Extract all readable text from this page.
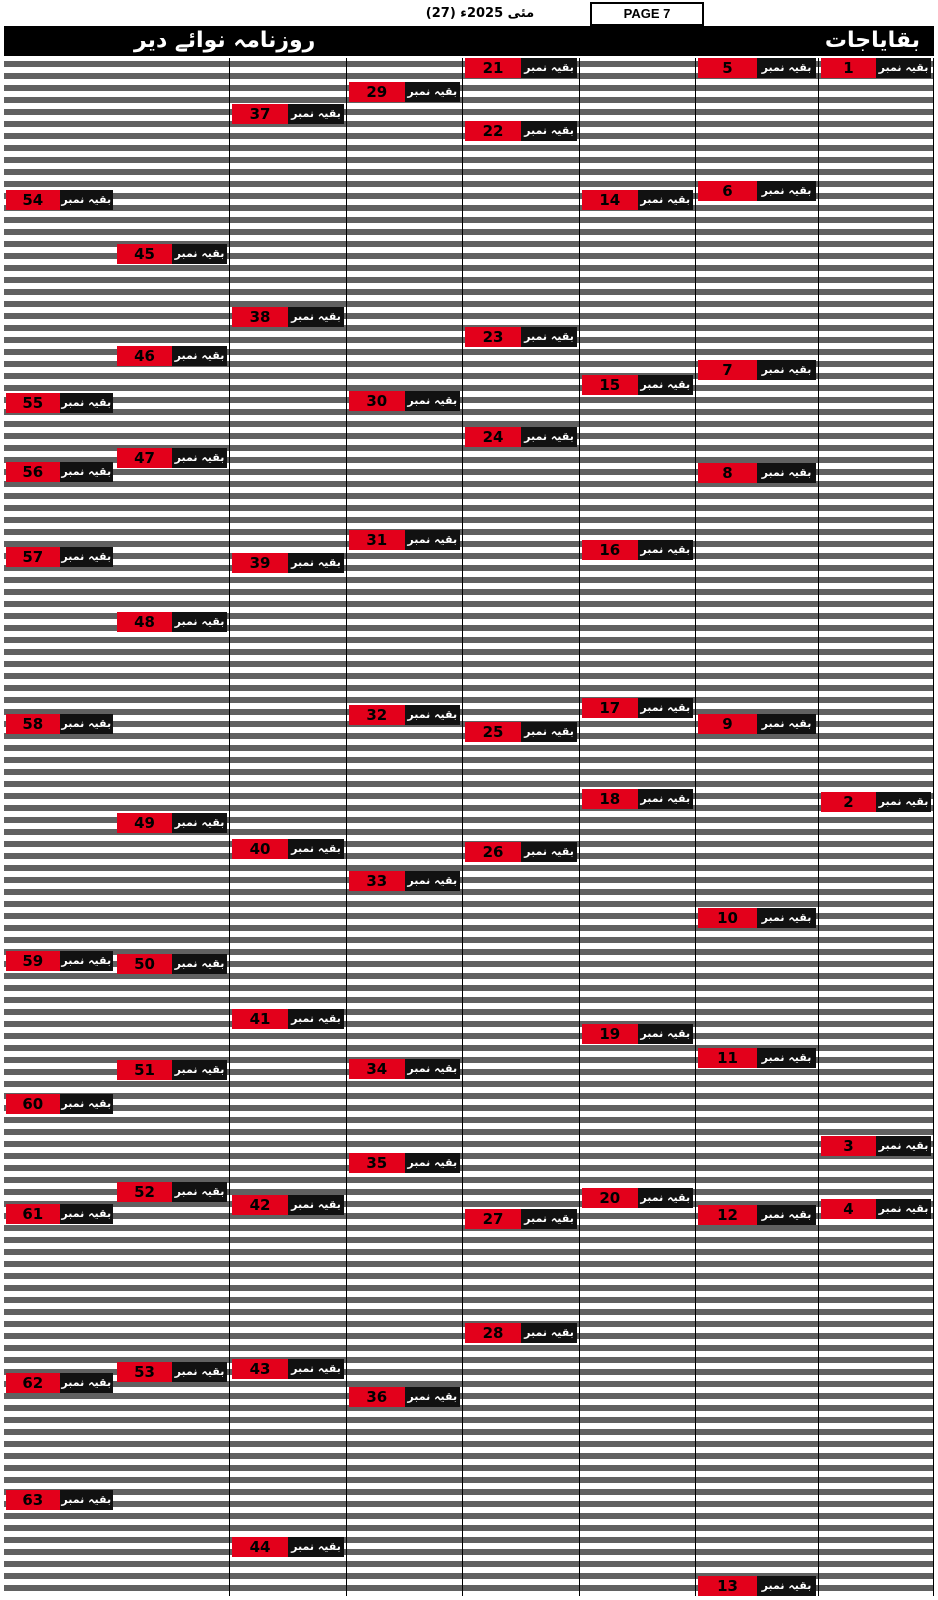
(27) مئی 2025ء	PAGE 7
بقایاجات
روزنامہ نوائے دیر
1	بقیہ نمبر
2	بقیہ نمبر
3	بقیہ نمبر
4	بقیہ نمبر
5	بقیہ نمبر
6	بقیہ نمبر
7	بقیہ نمبر
8	بقیہ نمبر
9	بقیہ نمبر
10	بقیہ نمبر
11	بقیہ نمبر
12	بقیہ نمبر
13	بقیہ نمبر
14	بقیہ نمبر
15	بقیہ نمبر
16	بقیہ نمبر
17	بقیہ نمبر
18	بقیہ نمبر
19	بقیہ نمبر
20	بقیہ نمبر
21	بقیہ نمبر
22	بقیہ نمبر
23	بقیہ نمبر
24	بقیہ نمبر
25	بقیہ نمبر
26	بقیہ نمبر
27	بقیہ نمبر
28	بقیہ نمبر
29	بقیہ نمبر
30	بقیہ نمبر
31	بقیہ نمبر
32	بقیہ نمبر
33	بقیہ نمبر
34	بقیہ نمبر
35	بقیہ نمبر
36	بقیہ نمبر
37	بقیہ نمبر
38	بقیہ نمبر
39	بقیہ نمبر
40	بقیہ نمبر
41	بقیہ نمبر
42	بقیہ نمبر
43	بقیہ نمبر
44	بقیہ نمبر
45	بقیہ نمبر
46	بقیہ نمبر
47	بقیہ نمبر
48	بقیہ نمبر
49	بقیہ نمبر
50	بقیہ نمبر
51	بقیہ نمبر
52	بقیہ نمبر
53	بقیہ نمبر
54	بقیہ نمبر
55	بقیہ نمبر
56	بقیہ نمبر
57	بقیہ نمبر
58	بقیہ نمبر
59	بقیہ نمبر
60	بقیہ نمبر
61	بقیہ نمبر
62	بقیہ نمبر
63	بقیہ نمبر
